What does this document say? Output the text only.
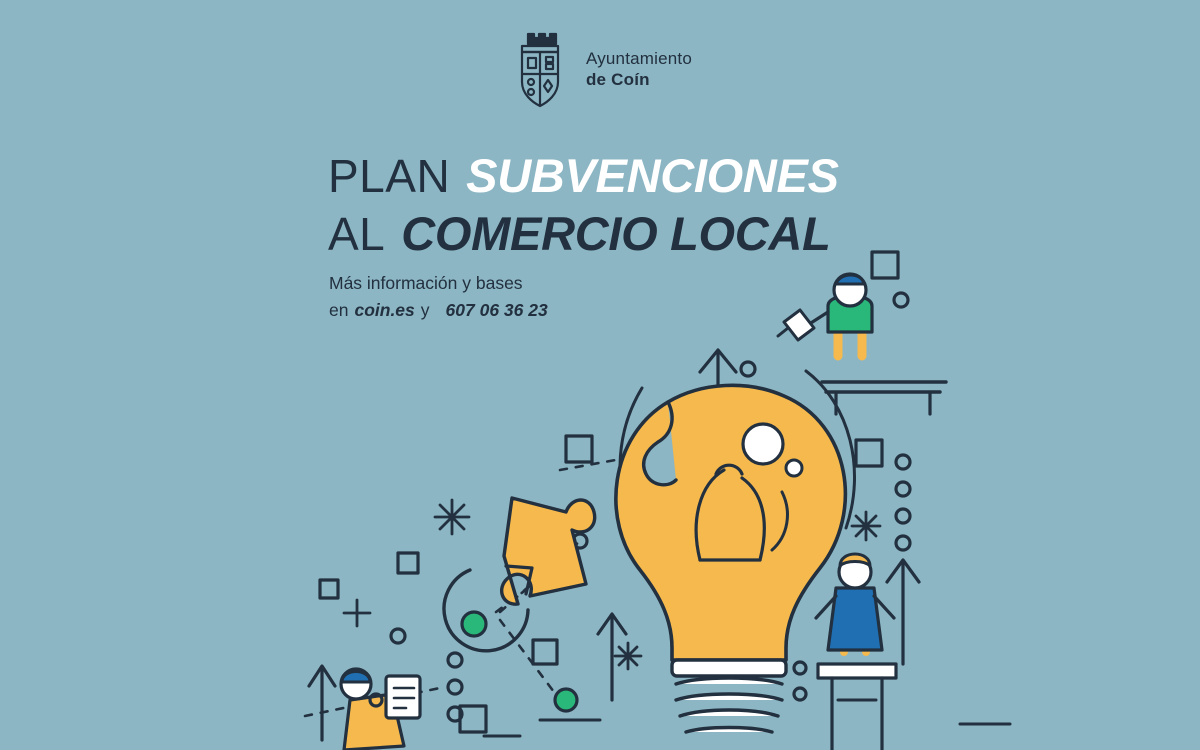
Ayuntamiento
de Coín
PLAN SUBVENCIONES
AL COMERCIO LOCAL
Más información y bases
en coin.es y 607 06 36 23
